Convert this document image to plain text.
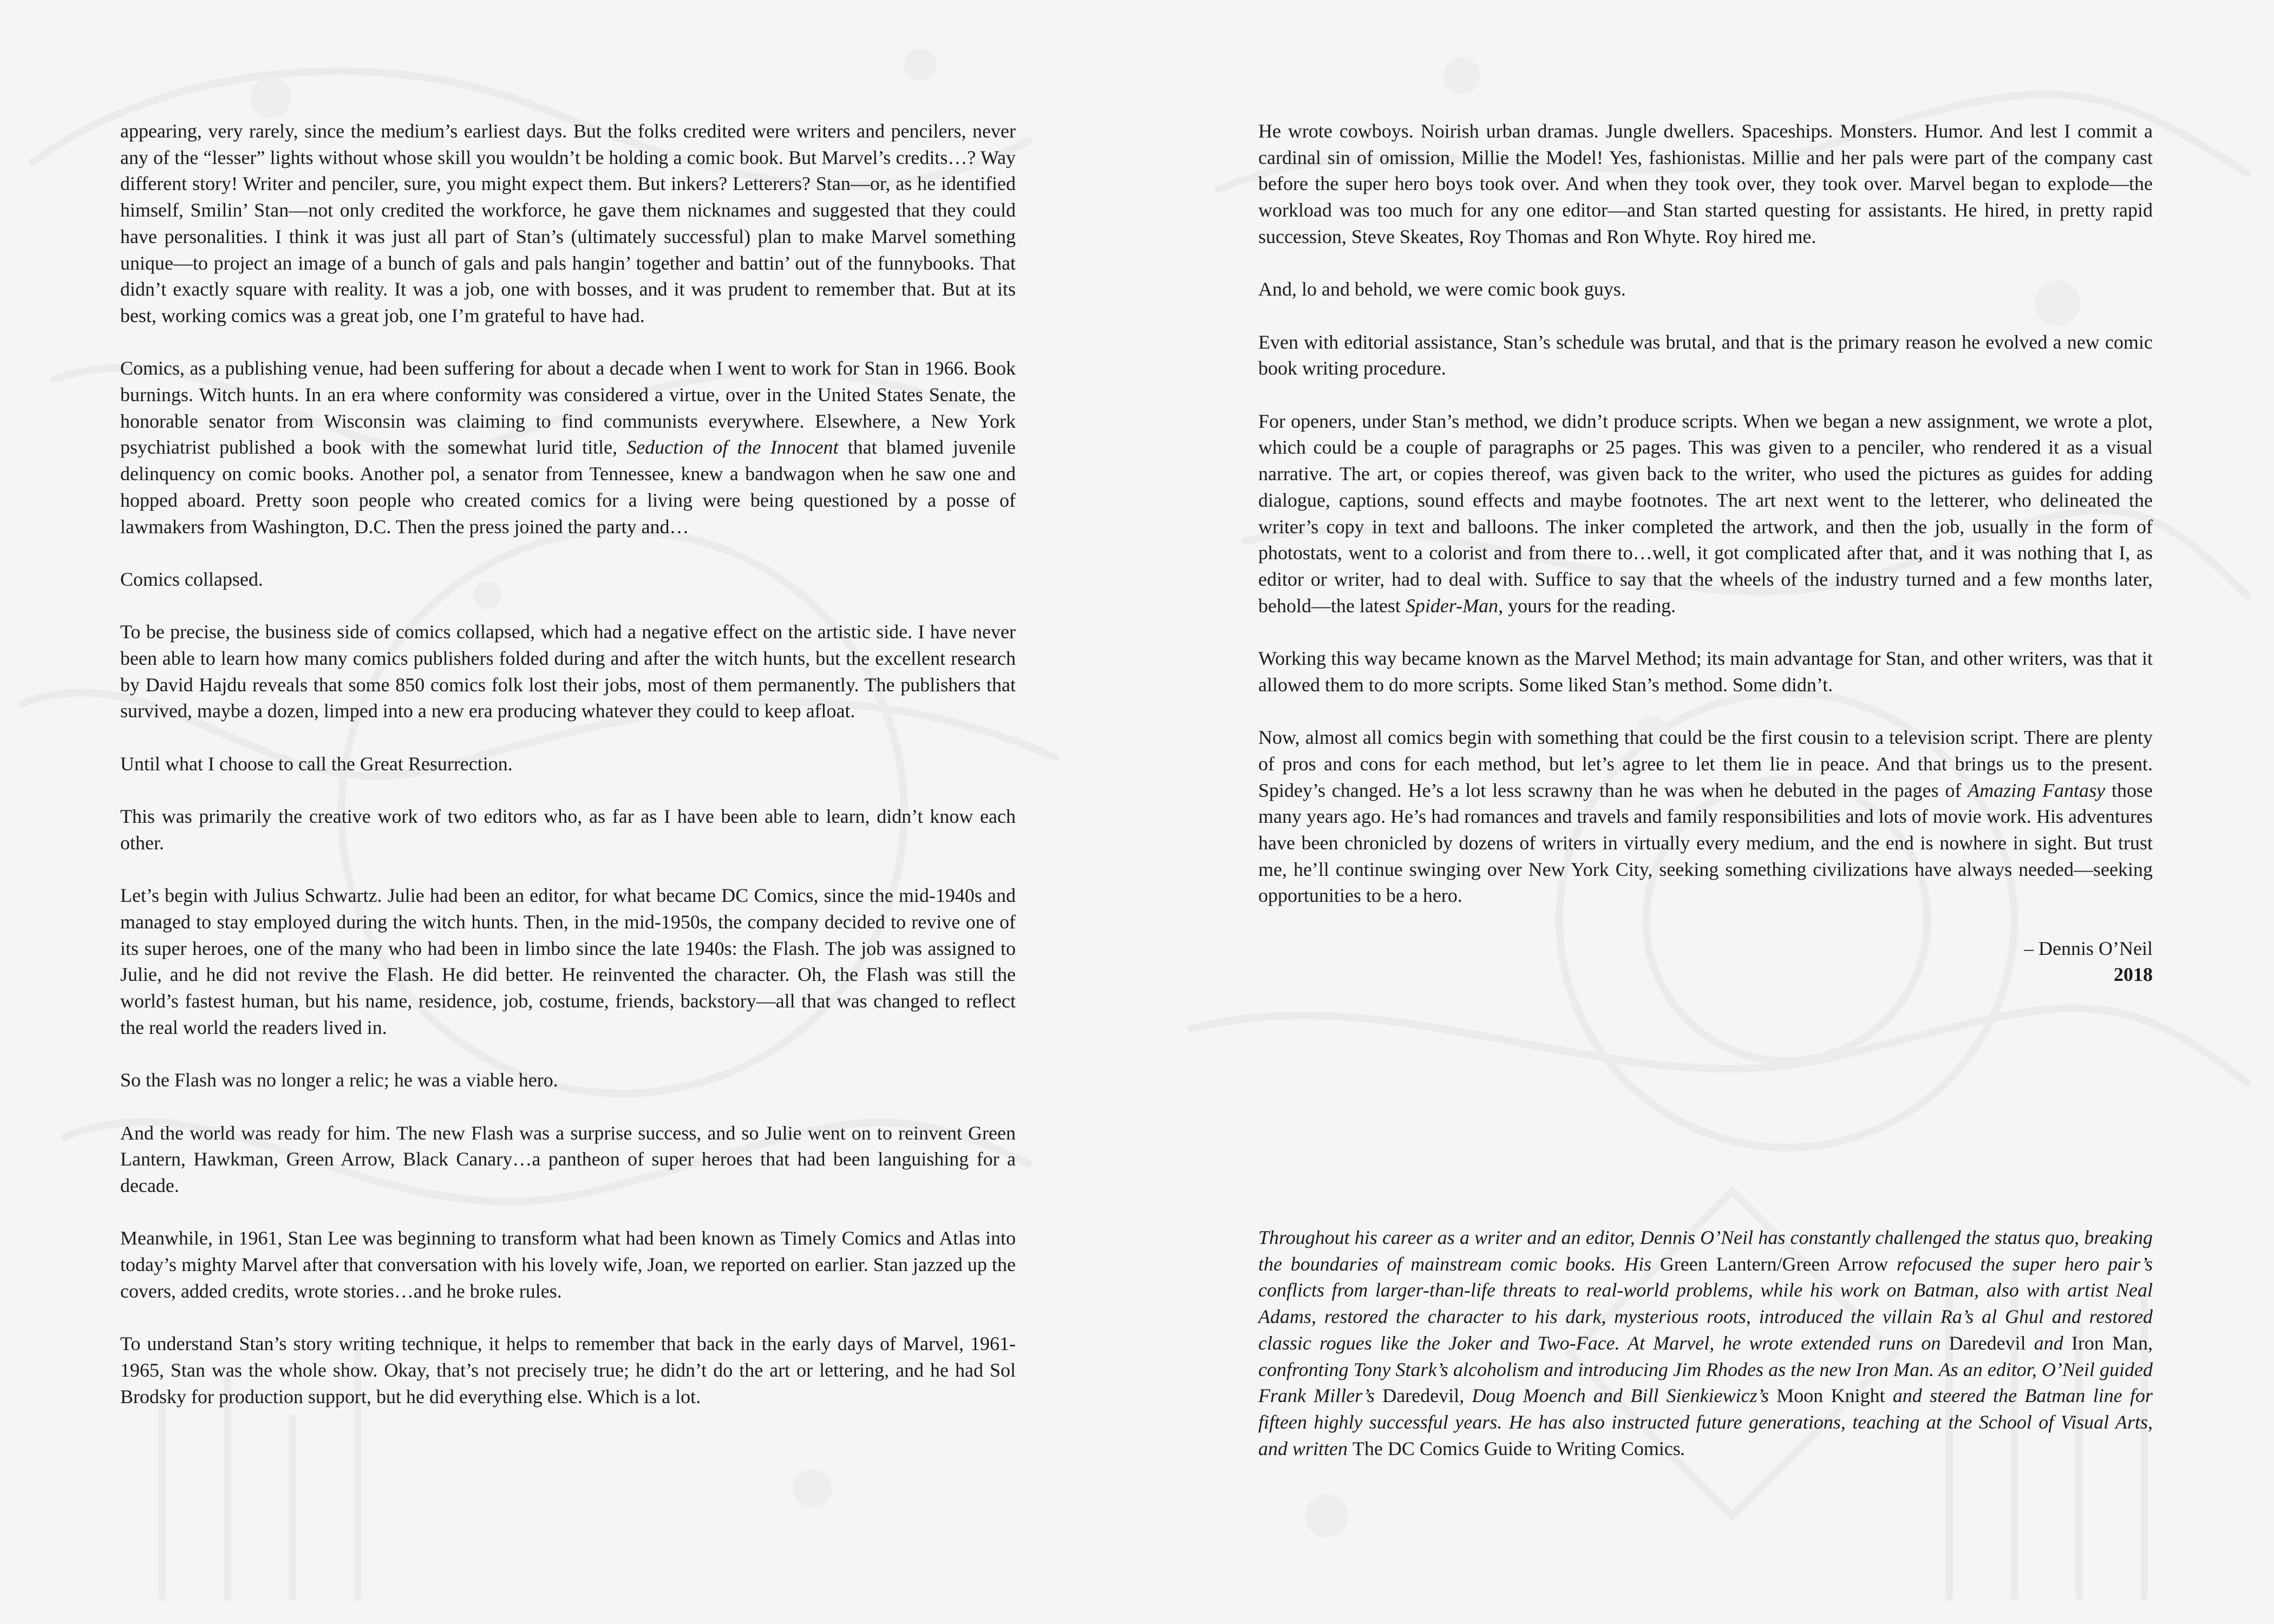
appearing, very rarely, since the medium’s earliest days. But the folks credited were writers and pencilers, never any of the “lesser” lights without whose skill you wouldn’t be holding a comic book. But Marvel’s credits…? Way different story! Writer and penciler, sure, you might expect them. But inkers? Letterers? Stan—or, as he identified himself, Smilin’ Stan—not only credited the workforce, he gave them nicknames and suggested that they could have personalities. I think it was just all part of Stan’s (ultimately successful) plan to make Marvel something unique—to project an image of a bunch of gals and pals hangin’ together and battin’ out of the funnybooks. That didn’t exactly square with reality. It was a job, one with bosses, and it was prudent to remember that. But at its best, working comics was a great job, one I’m grateful to have had.

Comics, as a publishing venue, had been suffering for about a decade when I went to work for Stan in 1966. Book burnings. Witch hunts. In an era where conformity was considered a virtue, over in the United States Senate, the honorable senator from Wisconsin was claiming to find communists everywhere. Elsewhere, a New York psychiatrist published a book with the somewhat lurid title, Seduction of the Innocent that blamed juvenile delinquency on comic books. Another pol, a senator from Tennessee, knew a bandwagon when he saw one and hopped aboard. Pretty soon people who created comics for a living were being questioned by a posse of lawmakers from Washington, D.C. Then the press joined the party and…

Comics collapsed.

To be precise, the business side of comics collapsed, which had a negative effect on the artistic side. I have never been able to learn how many comics publishers folded during and after the witch hunts, but the excellent research by David Hajdu reveals that some 850 comics folk lost their jobs, most of them permanently. The publishers that survived, maybe a dozen, limped into a new era producing whatever they could to keep afloat.

Until what I choose to call the Great Resurrection.

This was primarily the creative work of two editors who, as far as I have been able to learn, didn’t know each other.

Let’s begin with Julius Schwartz. Julie had been an editor, for what became DC Comics, since the mid-1940s and managed to stay employed during the witch hunts. Then, in the mid-1950s, the company decided to revive one of its super heroes, one of the many who had been in limbo since the late 1940s: the Flash. The job was assigned to Julie, and he did not revive the Flash. He did better. He reinvented the character. Oh, the Flash was still the world’s fastest human, but his name, residence, job, costume, friends, backstory—all that was changed to reflect the real world the readers lived in.

So the Flash was no longer a relic; he was a viable hero.

And the world was ready for him. The new Flash was a surprise success, and so Julie went on to reinvent Green Lantern, Hawkman, Green Arrow, Black Canary…a pantheon of super heroes that had been languishing for a decade.

Meanwhile, in 1961, Stan Lee was beginning to transform what had been known as Timely Comics and Atlas into today’s mighty Marvel after that conversation with his lovely wife, Joan, we reported on earlier. Stan jazzed up the covers, added credits, wrote stories…and he broke rules.

To understand Stan’s story writing technique, it helps to remember that back in the early days of Marvel, 1961-1965, Stan was the whole show. Okay, that’s not precisely true; he didn’t do the art or lettering, and he had Sol Brodsky for production support, but he did everything else. Which is a lot.

He wrote cowboys. Noirish urban dramas. Jungle dwellers. Spaceships. Monsters. Humor. And lest I commit a cardinal sin of omission, Millie the Model! Yes, fashionistas. Millie and her pals were part of the company cast before the super hero boys took over. And when they took over, they took over. Marvel began to explode—the workload was too much for any one editor—and Stan started questing for assistants. He hired, in pretty rapid succession, Steve Skeates, Roy Thomas and Ron Whyte. Roy hired me.

And, lo and behold, we were comic book guys.

Even with editorial assistance, Stan’s schedule was brutal, and that is the primary reason he evolved a new comic book writing procedure.

For openers, under Stan’s method, we didn’t produce scripts. When we began a new assignment, we wrote a plot, which could be a couple of paragraphs or 25 pages. This was given to a penciler, who rendered it as a visual narrative. The art, or copies thereof, was given back to the writer, who used the pictures as guides for adding dialogue, captions, sound effects and maybe footnotes. The art next went to the letterer, who delineated the writer’s copy in text and balloons. The inker completed the artwork, and then the job, usually in the form of photostats, went to a colorist and from there to…well, it got complicated after that, and it was nothing that I, as editor or writer, had to deal with. Suffice to say that the wheels of the industry turned and a few months later, behold—the latest Spider-Man, yours for the reading.

Working this way became known as the Marvel Method; its main advantage for Stan, and other writers, was that it allowed them to do more scripts. Some liked Stan’s method. Some didn’t.

Now, almost all comics begin with something that could be the first cousin to a television script. There are plenty of pros and cons for each method, but let’s agree to let them lie in peace. And that brings us to the present. Spidey’s changed. He’s a lot less scrawny than he was when he debuted in the pages of Amazing Fantasy those many years ago. He’s had romances and travels and family responsibilities and lots of movie work. His adventures have been chronicled by dozens of writers in virtually every medium, and the end is nowhere in sight. But trust me, he’ll continue swinging over New York City, seeking something civilizations have always needed—seeking opportunities to be a hero.

– Dennis O’Neil
2018

Throughout his career as a writer and an editor, Dennis O’Neil has constantly challenged the status quo, breaking the boundaries of mainstream comic books. His Green Lantern/Green Arrow refocused the super hero pair’s conflicts from larger-than-life threats to real-world problems, while his work on Batman, also with artist Neal Adams, restored the character to his dark, mysterious roots, introduced the villain Ra’s al Ghul and restored classic rogues like the Joker and Two-Face. At Marvel, he wrote extended runs on Daredevil and Iron Man, confronting Tony Stark’s alcoholism and introducing Jim Rhodes as the new Iron Man. As an editor, O’Neil guided Frank Miller’s Daredevil, Doug Moench and Bill Sienkiewicz’s Moon Knight and steered the Batman line for fifteen highly successful years. He has also instructed future generations, teaching at the School of Visual Arts, and written The DC Comics Guide to Writing Comics.
